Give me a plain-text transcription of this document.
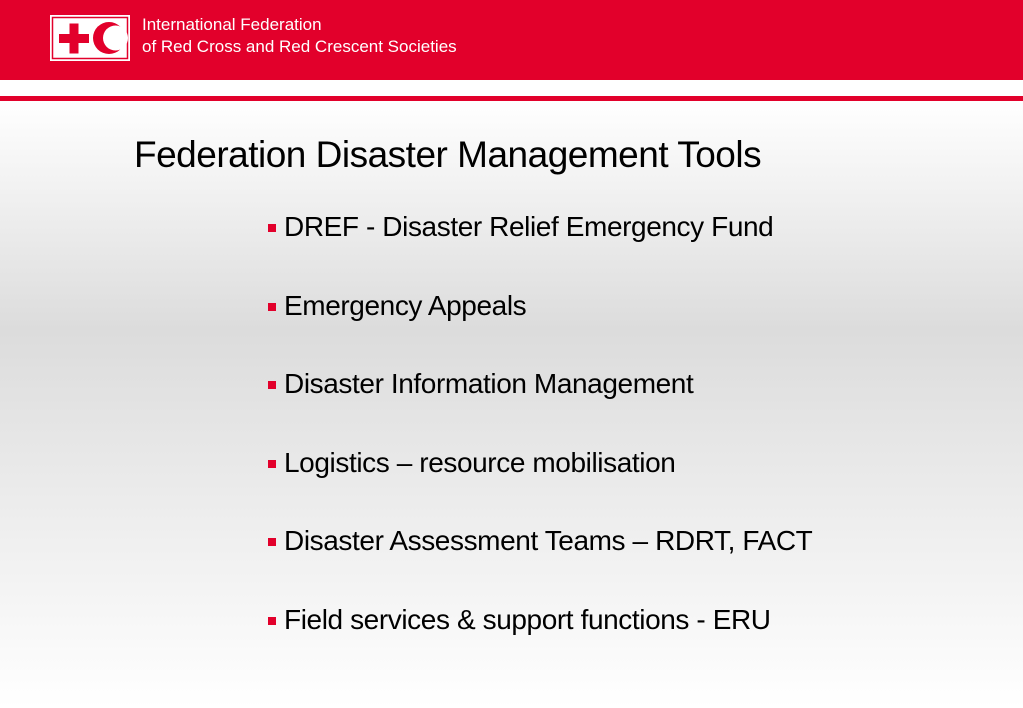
International Federation
of Red Cross and Red Crescent Societies
Federation Disaster Management Tools
DREF - Disaster Relief Emergency Fund
Emergency Appeals
Disaster Information Management
Logistics – resource mobilisation
Disaster Assessment Teams – RDRT, FACT
Field services & support functions - ERU
